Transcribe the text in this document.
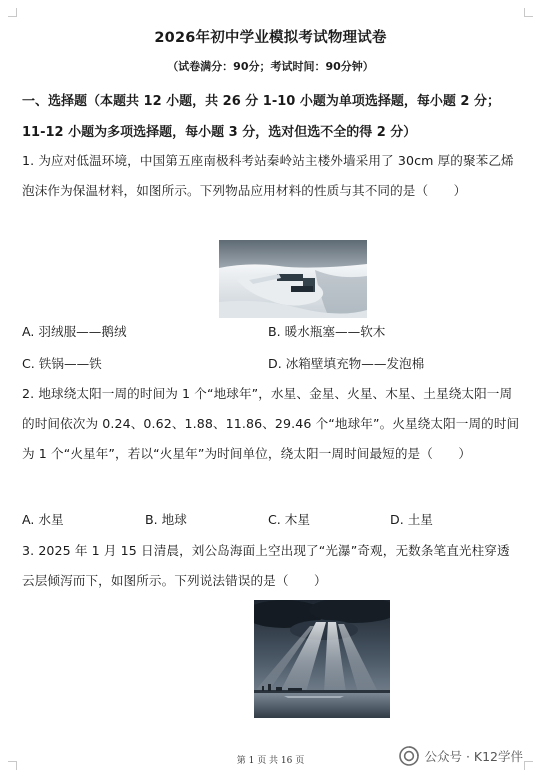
2026年初中学业模拟考试物理试卷
（试卷满分：90分；考试时间：90分钟）
一、选择题（本题共 12 小题，共 26 分 1-10 小题为单项选择题，每小题 2 分；
11-12 小题为多项选择题，每小题 3 分，选对但选不全的得 2 分）
1. 为应对低温环境，中国第五座南极科考站秦岭站主楼外墙采用了 30cm 厚的聚苯乙烯泡沫作为保温材料，如图所示。下列物品应用材料的性质与其不同的是（　　）
A. 羽绒服——鹅绒	B. 暖水瓶塞——软木
C. 铁锅——铁	D. 冰箱壁填充物——发泡棉
2. 地球绕太阳一周的时间为 1 个“地球年”，水星、金星、火星、木星、土星绕太阳一周的时间依次为 0.24、0.62、1.88、11.86、29.46 个“地球年”。火星绕太阳一周的时间为 1 个“火星年”，若以“火星年”为时间单位，绕太阳一周时间最短的是（　　）
A. 水星	B. 地球	C. 木星	D. 土星
3. 2025 年 1 月 15 日清晨，刘公岛海面上空出现了“光瀑”奇观，无数条笔直光柱穿透云层倾泻而下，如图所示。下列说法错误的是（　　）
第 1 页 共 16 页	公众号 · K12学伴
